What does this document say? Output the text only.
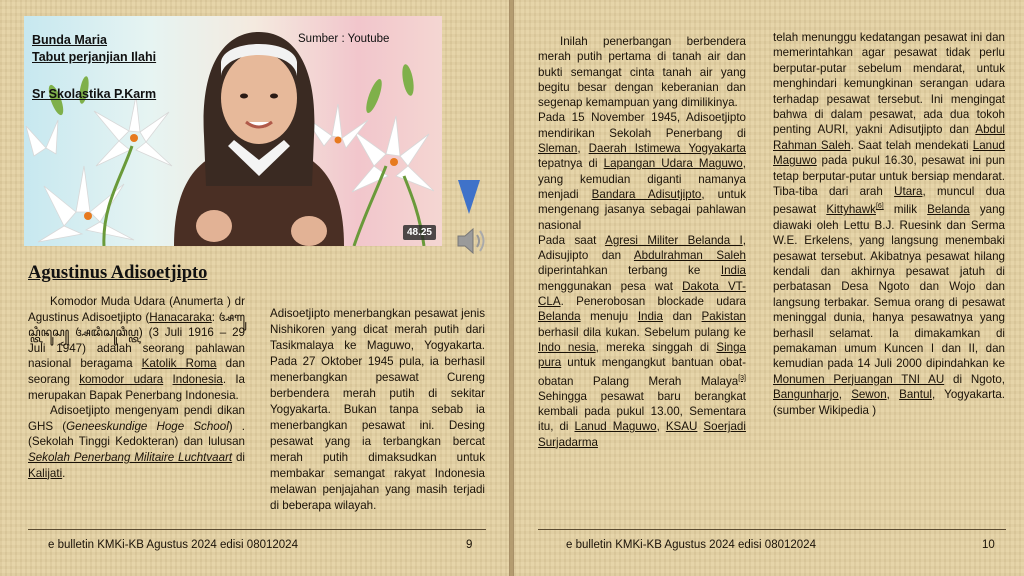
Bunda Maria
Tabut perjanjian Ilahi
Sr Skolastika P.Karm
Sumber : Youtube
48.25
Agustinus Adisoetjipto

Komodor Muda Udara (Anumerta ) dr Agustinus Adisoetjipto (Hanacaraka: ꦄꦒꦸꦱ꧀ꦠꦶꦤꦸꦱ꧀ ꦄꦢꦶꦱꦸꦕꦶꦥ꧀ꦠ) (3 Juli 1916 – 29 Juli 1947) adalah seorang pahlawan nasional beragama Katolik Roma dan seorang komodor udara Indonesia. Ia merupakan Bapak Penerbang Indonesia.

Adisoetjipto mengenyam pendi dikan GHS (Geneeskundige Hoge School) . (Sekolah Tinggi Kedokteran) dan lulusan Sekolah Penerbang Militaire Luchtvaart di Kalijati.

Adisoetjipto menerbangkan pesawat jenis Nishikoren yang dicat merah putih dari Tasikmalaya ke Maguwo, Yogyakarta. Pada 27 Oktober 1945 pula, ia berhasil menerbangkan pesawat Cureng berbendera merah putih di sekitar Yogyakarta. Bukan tanpa sebab ia menerbangkan pesawat ini. Desing pesawat yang ia terbangkan bercat merah putih dimaksudkan untuk membakar semangat rakyat Indonesia melawan penjajahan yang masih terjadi di beberapa wilayah.

e bulletin KMKi-KB Agustus 2024 edisi 08012024	9

Inilah penerbangan berbendera merah putih pertama di tanah air dan bukti semangat cinta tanah air yang begitu besar dengan keberanian dan segenap kemampuan yang dimilikinya.

Pada 15 November 1945, Adisoetjipto mendirikan Sekolah Penerbang di Sleman, Daerah Istimewa Yogyakarta tepatnya di Lapangan Udara Maguwo, yang kemudian diganti namanya menjadi Bandara Adisutjipto, untuk mengenang jasanya sebagai pahlawan nasional

Pada saat Agresi Militer Belanda I, Adisujipto dan Abdulrahman Saleh diperintahkan terbang ke India menggunakan pesa wat Dakota VT-CLA. Penerobosan blockade udara Belanda menuju India dan Pakistan berhasil dila kukan. Sebelum pulang ke Indo nesia, mereka singgah di Singa pura untuk mengangkut bantuan obat-obatan Palang Merah Malaya[3] Sehingga pesawat baru berangkat kembali pada pukul 13.00, Sementara itu, di Lanud Maguwo, KSAU Soerjadi Surjadarma

telah menunggu kedatangan pesawat ini dan memerintahkan agar pesawat tidak perlu berputar-putar sebelum mendarat, untuk menghindari kemungkinan serangan udara terhadap pesawat tersebut. Ini mengingat bahwa di dalam pesawat, ada dua tokoh penting AURI, yakni Adisutjipto dan Abdul Rahman Saleh. Saat telah mendekati Lanud Maguwo pada pukul 16.30, pesawat ini pun tetap berputar-putar untuk bersiap mendarat. Tiba-tiba dari arah Utara, muncul dua pesawat Kittyhawk[6] milik Belanda yang diawaki oleh Lettu B.J. Ruesink dan Serma W.E. Erkelens, yang langsung menembaki pesawat tersebut. Akibatnya pesawat hilang kendali dan akhirnya pesawat jatuh di perbatasan Desa Ngoto dan Wojo dan langsung terbakar. Semua orang di pesawat meninggal dunia, hanya pesawatnya yang berhasil selamat. Ia dimakamkan di pemakaman umum Kuncen I dan II, dan kemudian pada 14 Juli 2000 dipindahkan ke Monumen Perjuangan TNI AU di Ngoto, Bangunharjo, Sewon, Bantul, Yogyakarta.(sumber Wikipedia )

e bulletin KMKi-KB Agustus 2024 edisi 08012024	10
